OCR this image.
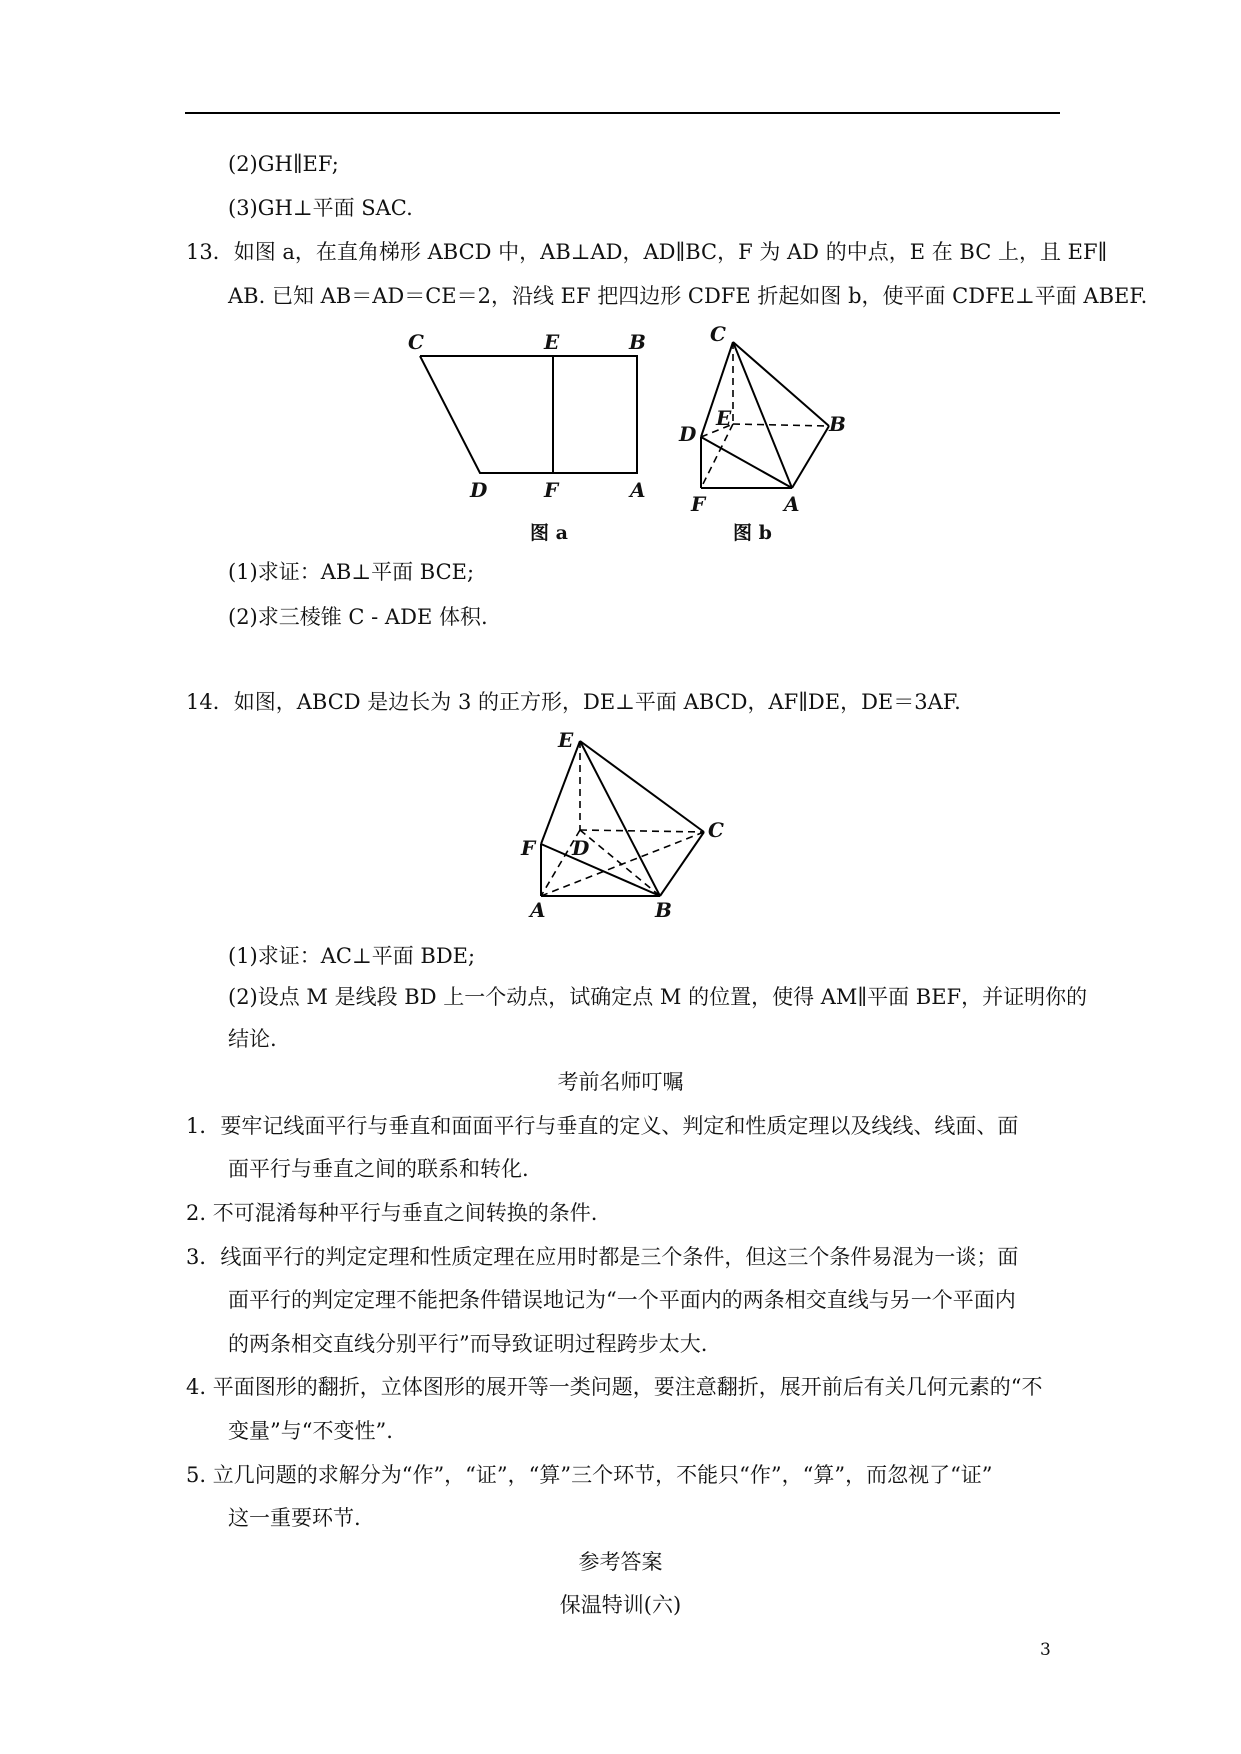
(2)GH∥EF;
(3)GH⊥平面 SAC.
13．如图 a，在直角梯形 ABCD 中，AB⊥AD，AD∥BC，F 为 AD 的中点，E 在 BC 上，且 EF∥
AB. 已知 AB＝AD＝CE＝2，沿线 EF 把四边形 CDFE 折起如图 b，使平面 CDFE⊥平面 ABEF.
C	E	B
D	F	A
图 a
C
E	B
D
F	A
图 b
(1)求证：AB⊥平面 BCE;
(2)求三棱锥 C - ADE 体积.
14．如图，ABCD 是边长为 3 的正方形，DE⊥平面 ABCD，AF∥DE，DE＝3AF.
E
F D
C
A	B
(1)求证：AC⊥平面 BDE;
(2)设点 M 是线段 BD 上一个动点，试确定点 M 的位置，使得 AM∥平面 BEF，并证明你的
结论.
考前名师叮嘱
1．要牢记线面平行与垂直和面面平行与垂直的定义、判定和性质定理以及线线、线面、面
面平行与垂直之间的联系和转化.
2. 不可混淆每种平行与垂直之间转换的条件.
3．线面平行的判定定理和性质定理在应用时都是三个条件，但这三个条件易混为一谈；面
面平行的判定定理不能把条件错误地记为“一个平面内的两条相交直线与另一个平面内
的两条相交直线分别平行”而导致证明过程跨步太大.
4. 平面图形的翻折，立体图形的展开等一类问题，要注意翻折，展开前后有关几何元素的“不
变量”与“不变性”.
5. 立几问题的求解分为“作”，“证”，“算”三个环节，不能只“作”，“算”，而忽视了“证”
这一重要环节.
参考答案
保温特训(六)
3
